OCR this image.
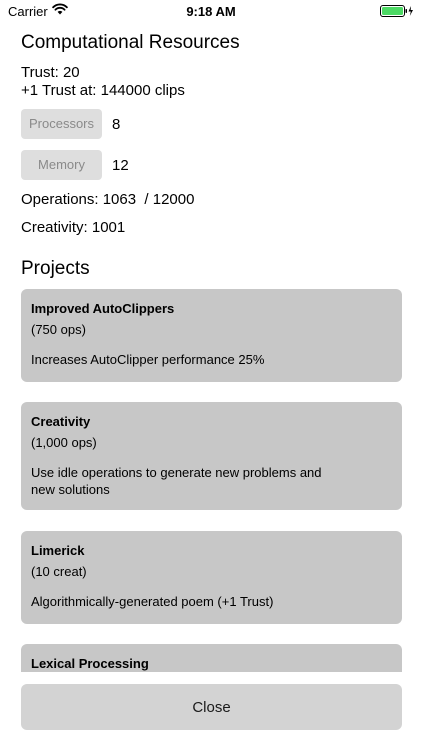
Carrier	9:18 AM
Computational Resources
Trust: 20
+1 Trust at: 144000 clips
Processors	8
Memory	12
Operations: 1063  / 12000
Creativity: 1001
Projects
Improved AutoClippers
(750 ops)
Increases AutoClipper performance 25%
Creativity
(1,000 ops)
Use idle operations to generate new problems and new solutions
Limerick
(10 creat)
Algorithmically-generated poem (+1 Trust)
Lexical Processing
Close
